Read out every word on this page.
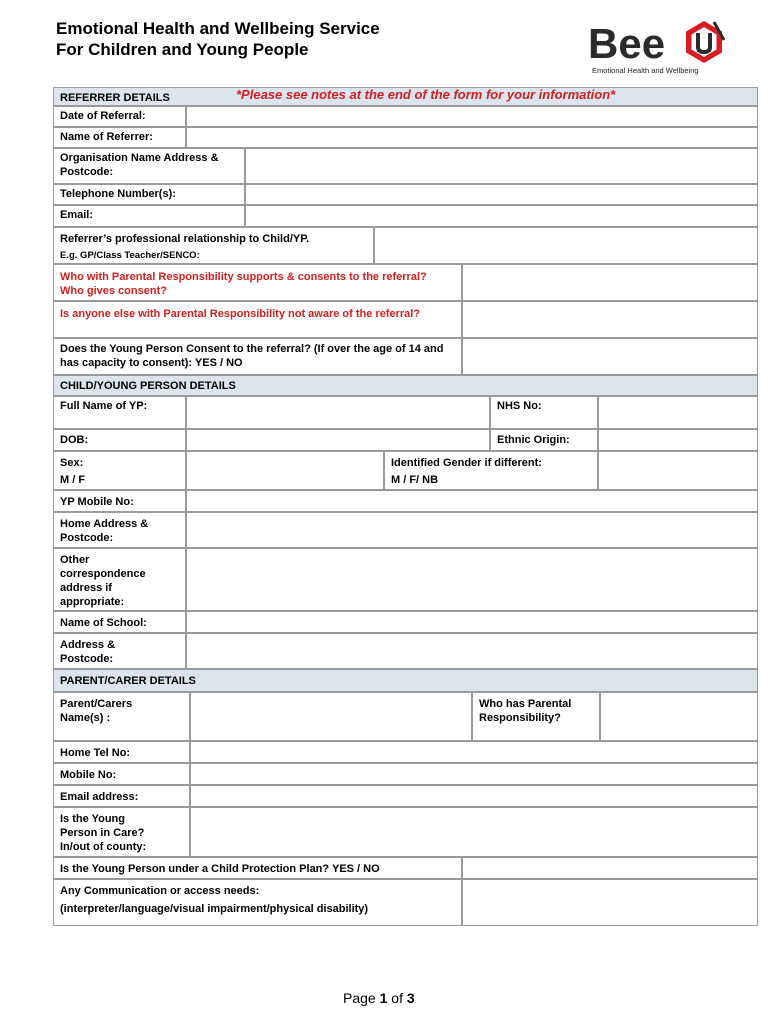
Emotional Health and Wellbeing Service
For Children and Young People	Bee
Emotional Health and Wellbeing
REFERRER DETAILS	*Please see notes at the end of the form for your information*
Date of Referral:
Name of Referrer:
Organisation Name Address & Postcode:
Telephone Number(s):
Email:
Referrer’s professional relationship to Child/YP.
E.g. GP/Class Teacher/SENCO:
Who with Parental Responsibility supports & consents to the referral? Who gives consent?
Is anyone else with Parental Responsibility not aware of the referral?
Does the Young Person Consent to the referral? (If over the age of 14 and has capacity to consent): YES / NO
CHILD/YOUNG PERSON DETAILS
Full Name of YP:	NHS No:
DOB:	Ethnic Origin:
Sex:
M / F
Identified Gender if different:
M / F/ NB
YP Mobile No:
Home Address & Postcode:
Other correspondence address if appropriate:
Name of School:
Address & Postcode:
PARENT/CARER DETAILS
Parent/Carers Name(s) :
Who has Parental Responsibility?
Home Tel No:
Mobile No:
Email address:
Is the Young Person in Care? In/out of county:
Is the Young Person under a Child Protection Plan? YES / NO
Any Communication or access needs:
(interpreter/language/visual impairment/physical disability)
Page 1 of 3
